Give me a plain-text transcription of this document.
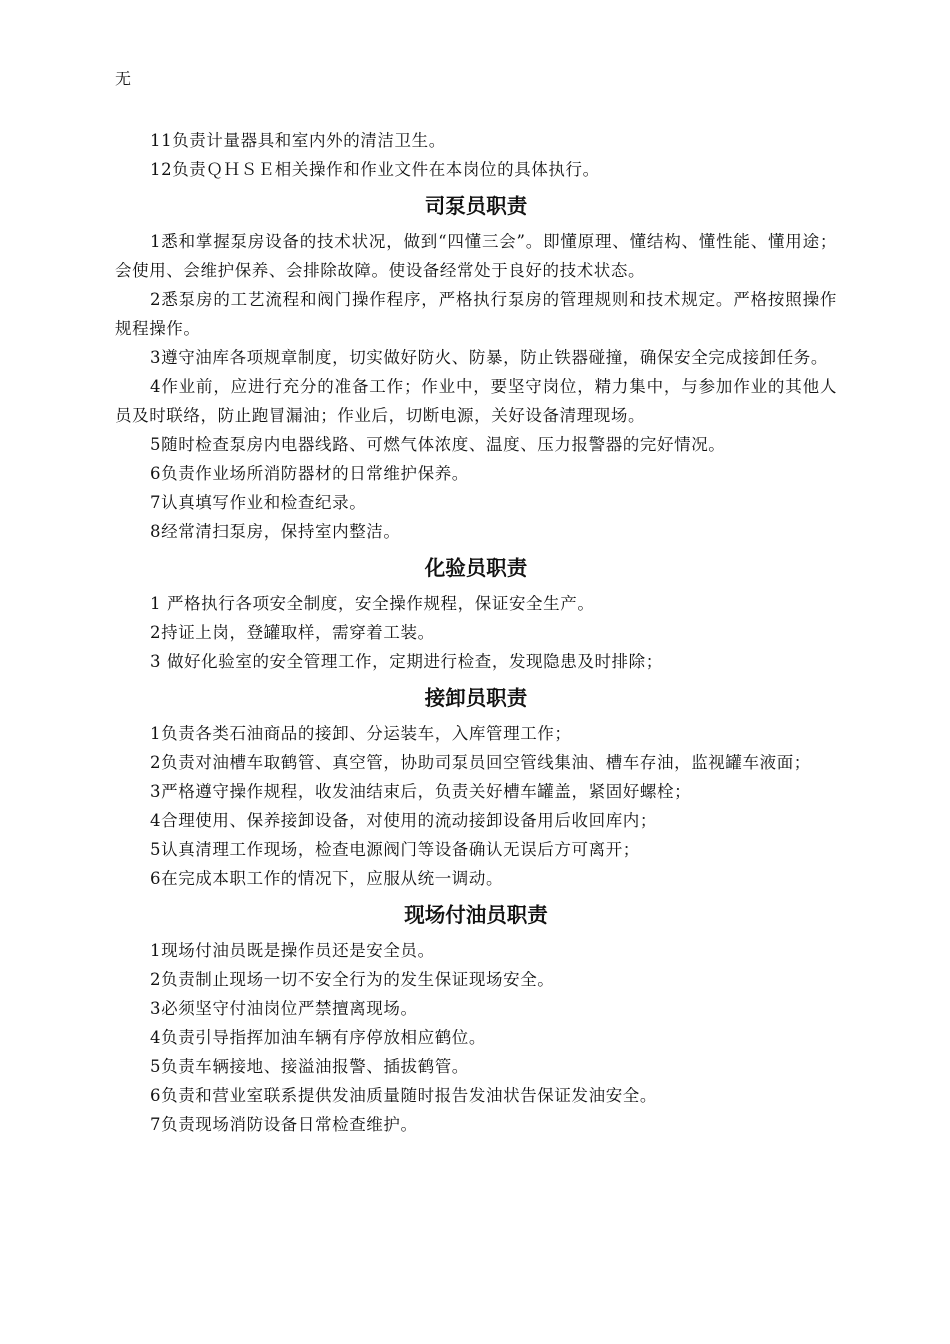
无

11负责计量器具和室内外的清洁卫生。

12负责ＱＨＳＥ相关操作和作业文件在本岗位的具体执行。

司泵员职责

1悉和掌握泵房设备的技术状况，做到“四懂三会”。即懂原理、懂结构、懂性能、懂用途；会使用、会维护保养、会排除故障。使设备经常处于良好的技术状态。

2悉泵房的工艺流程和阀门操作程序，严格执行泵房的管理规则和技术规定。严格按照操作规程操作。

3遵守油库各项规章制度，切实做好防火、防暴，防止铁器碰撞，确保安全完成接卸任务。

4作业前，应进行充分的准备工作；作业中，要坚守岗位，精力集中，与参加作业的其他人员及时联络，防止跑冒漏油；作业后，切断电源，关好设备清理现场。

5随时检查泵房内电器线路、可燃气体浓度、温度、压力报警器的完好情况。

6负责作业场所消防器材的日常维护保养。

7认真填写作业和检查纪录。

8经常清扫泵房，保持室内整洁。

化验员职责

1 严格执行各项安全制度，安全操作规程，保证安全生产。

2持证上岗，登罐取样，需穿着工装。

3 做好化验室的安全管理工作，定期进行检查，发现隐患及时排除；

接卸员职责

1负责各类石油商品的接卸、分运装车，入库管理工作；

2负责对油槽车取鹤管、真空管，协助司泵员回空管线集油、槽车存油，监视罐车液面；

3严格遵守操作规程，收发油结束后，负责关好槽车罐盖，紧固好螺栓；

4合理使用、保养接卸设备，对使用的流动接卸设备用后收回库内；

5认真清理工作现场，检查电源阀门等设备确认无误后方可离开；

6在完成本职工作的情况下，应服从统一调动。

现场付油员职责

1现场付油员既是操作员还是安全员。

2负责制止现场一切不安全行为的发生保证现场安全。

3必须坚守付油岗位严禁擅离现场。

4负责引导指挥加油车辆有序停放相应鹤位。

5负责车辆接地、接溢油报警、插拔鹤管。

6负责和营业室联系提供发油质量随时报告发油状告保证发油安全。

7负责现场消防设备日常检查维护。
